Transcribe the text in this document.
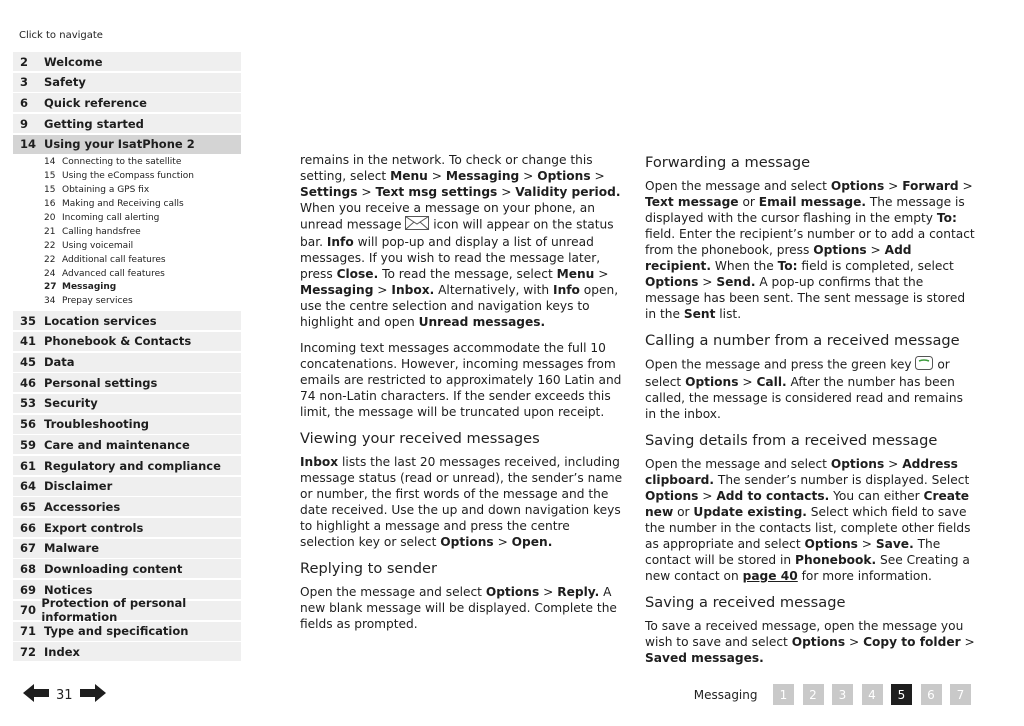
Click to navigate
2	Welcome
3	Safety
6	Quick reference
9	Getting started
14 Using your IsatPhone 2
14 Connecting to the satellite
15 Using the eCompass function
15 Obtaining a GPS fix
16 Making and Receiving calls
20 Incoming call alerting
21 Calling handsfree
22 Using voicemail
22 Additional call features
24 Advanced call features
27 Messaging
34 Prepay services
35 Location services
41 Phonebook & Contacts
45 Data
46 Personal settings
53 Security
56 Troubleshooting
59 Care and maintenance
61 Regulatory and compliance
64 Disclaimer
65 Accessories
66 Export controls
67 Malware
68 Downloading content
69 Notices
70 Protection of personal information
71 Type and specification
72 Index

remains in the network. To check or change this setting, select Menu > Messaging > Options > Settings > Text msg settings > Validity period. When you receive a message on your phone, an unread message  icon will appear on the status bar. Info will pop-up and display a list of unread messages. If you wish to read the message later, press Close. To read the message, select Menu > Messaging > Inbox. Alternatively, with Info open, use the centre selection and navigation keys to highlight and open Unread messages.

Incoming text messages accommodate the full 10 concatenations. However, incoming messages from emails are restricted to approximately 160 Latin and 74 non-Latin characters. If the sender exceeds this limit, the message will be truncated upon receipt.

Viewing your received messages

Inbox lists the last 20 messages received, including message status (read or unread), the sender’s name or number, the first words of the message and the date received. Use the up and down navigation keys to highlight a message and press the centre selection key or select Options > Open.

Replying to sender

Open the message and select Options > Reply. A new blank message will be displayed. Complete the fields as prompted.

Forwarding a message

Open the message and select Options > Forward > Text message or Email message. The message is displayed with the cursor flashing in the empty To: field. Enter the recipient’s number or to add a contact from the phonebook, press Options > Add recipient. When the To: field is completed, select Options > Send. A pop-up confirms that the message has been sent. The sent message is stored in the Sent list.

Calling a number from a received message

Open the message and press the green key  or select Options > Call. After the number has been called, the message is considered read and remains in the inbox.

Saving details from a received message

Open the message and select Options > Address clipboard. The sender’s number is displayed. Select Options > Add to contacts. You can either Create new or Update existing. Select which field to save the number in the contacts list, complete other fields as appropriate and select Options > Save. The contact will be stored in Phonebook. See Creating a new contact on page 40 for more information.

Saving a received message

To save a received message, open the message you wish to save and select Options > Copy to folder > Saved messages.

31	Messaging	1	2	3	4	5	6	7
